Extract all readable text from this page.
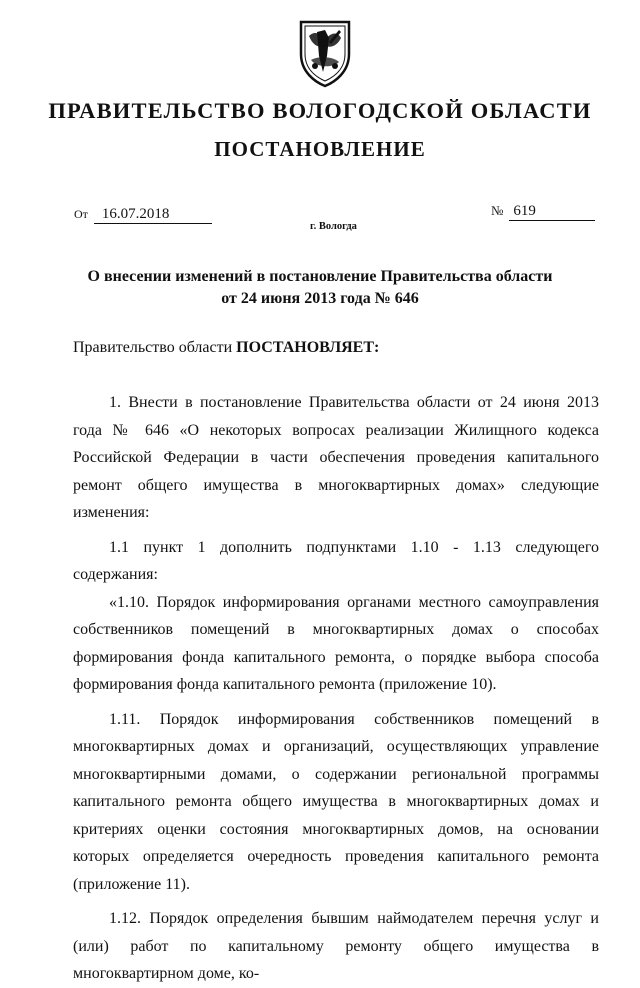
ПРАВИТЕЛЬСТВО ВОЛОГОДСКОЙ ОБЛАСТИ
ПОСТАНОВЛЕНИЕ
От 16.07.2018	№ 619
г. Вологда
О внесении изменений в постановление Правительства области
от 24 июня 2013 года № 646
Правительство области ПОСТАНОВЛЯЕТ:

1. Внести в постановление Правительства области от 24 июня 2013 года № 646 «О некоторых вопросах реализации Жилищного кодекса Российской Федерации в части обеспечения проведения капитального ремонт общего имущества в многоквартирных домах» следующие изменения:

1.1 пункт 1 дополнить подпунктами 1.10 - 1.13 следующего содержания:

«1.10. Порядок информирования органами местного самоуправления собственников помещений в многоквартирных домах о способах формирования фонда капитального ремонта, о порядке выбора способа формирования фонда капитального ремонта (приложение 10).

1.11. Порядок информирования собственников помещений в многоквартирных домах и организаций, осуществляющих управление многоквартирными домами, о содержании региональной программы капитального ремонта общего имущества в многоквартирных домах и критериях оценки состояния многоквартирных домов, на основании которых определяется очередность проведения капитального ремонта (приложение 11).

1.12. Порядок определения бывшим наймодателем перечня услуг и (или) работ по капитальному ремонту общего имущества в многоквартирном доме, ко-
